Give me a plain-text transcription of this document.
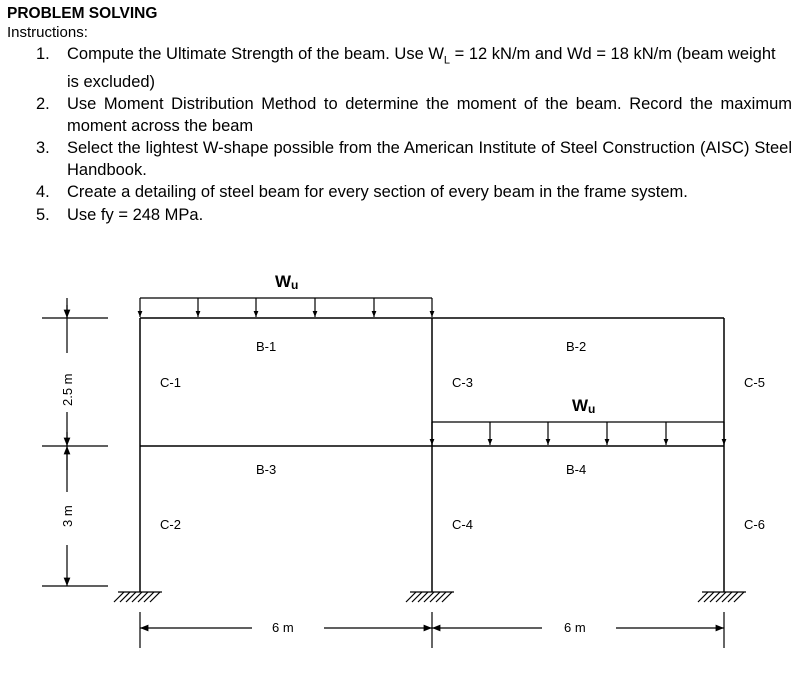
PROBLEM SOLVING
Instructions:
1. Compute the Ultimate Strength of the beam. Use $W_L = 12$ kN/m and Wd = 18 kN/m (beam weight is excluded)
2. Use Moment Distribution Method to determine the moment of the beam. Record the maximum moment across the beam
3. Select the lightest W-shape possible from the American Institute of Steel Construction (AISC) Steel Handbook.
4. Create a detailing of steel beam for every section of every beam in the frame system.
5. Use fy = 248 MPa.
Wu
Wu
B-1	B-2
B-3	B-4
C-1
C-2
C-3
C-4
C-5
C-6
2.5 m
3 m
6 m	6 m
